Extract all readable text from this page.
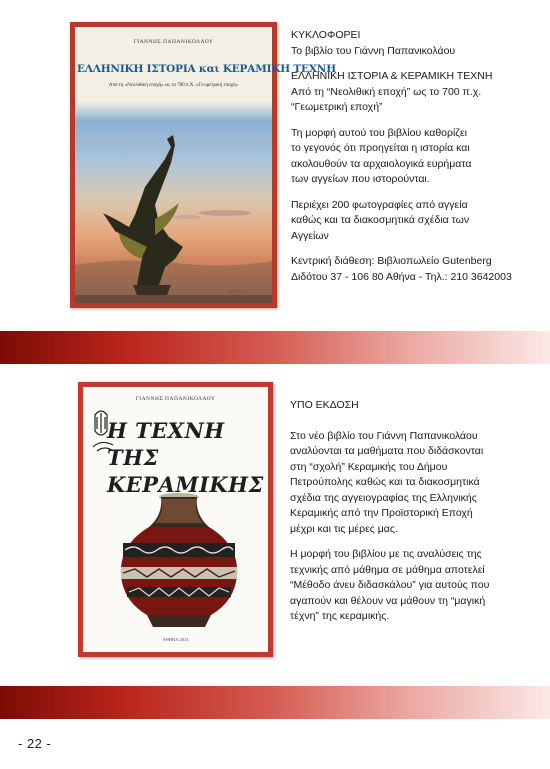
ΓΙΑΝΝΗΣ ΠΑΠΑΝΙΚΟΛΑΟΥ
ΕΛΛΗΝΙΚΗ ΙΣΤΟΡΙΑ και ΚΕΡΑΜΙΚΗ ΤΕΧΝΗ
Από τη «Νεολιθική εποχή» ως το 700 π.Χ. «Γεωμετρική εποχή»
ΑΘΗΝΑ 2013
ΚΥΚΛΟΦΟΡΕΙ

Το βιβλίο του Γιάννη Παπανικολάου

ΕΛΛΗΝΙΚΗ ΙΣΤΟΡΙΑ & ΚΕΡΑΜΙΚΗ ΤΕΧΝΗ
Από τη “Νεολιθική εποχή” ως το 700 π.χ.
“Γεωμετρική εποχή”

Τη μορφή αυτού του βιβλίου καθορίζει
το γεγονός ότι προηγείται η ιστορία και
ακολουθούν τα αρχαιολογικά ευρήματα
των αγγείων που ιστορούνται.

Περιέχει 200 φωτογραφίες από αγγεία
καθώς και τα διακοσμητικά σχέδια των
Αγγείων

Κεντρική διάθεση: Βιβλιοπωλείο Gutenberg
Διδότου 37 - 106 80 Αθήνα - Τηλ.: 210 3642003

ΓΙΑΝΝΗΣ ΠΑΠΑΝΙΚΟΛΑΟΥ
Η ΤΕΧΝΗ
ΤΗΣ ΚΕΡΑΜΙΚΗΣ
ΑΘΗΝΑ 2013

ΥΠΟ ΕΚΔΟΣΗ

Στο νέο βιβλίο του Γιάννη Παπανικολάου
αναλύονται τα μαθήματα που διδάσκονται
στη “σχολή” Κεραμικής του Δήμου
Πετρούπολης καθώς και τα διακοσμητικά
σχέδια της αγγειογραφίας της Ελληνικής
Κεραμικής από την Προϊστορική Εποχή
μέχρι και τις μέρες μας.

Η μορφή του βιβλίου με τις αναλύσεις της
τεχνικής από μάθημα σε μάθημα αποτελεί
“Μέθοδο άνευ διδασκάλου” για αυτούς που
αγαπούν και θέλουν να μάθουν τη “μαγική
τέχνη” της κεραμικής.

- 22 -
